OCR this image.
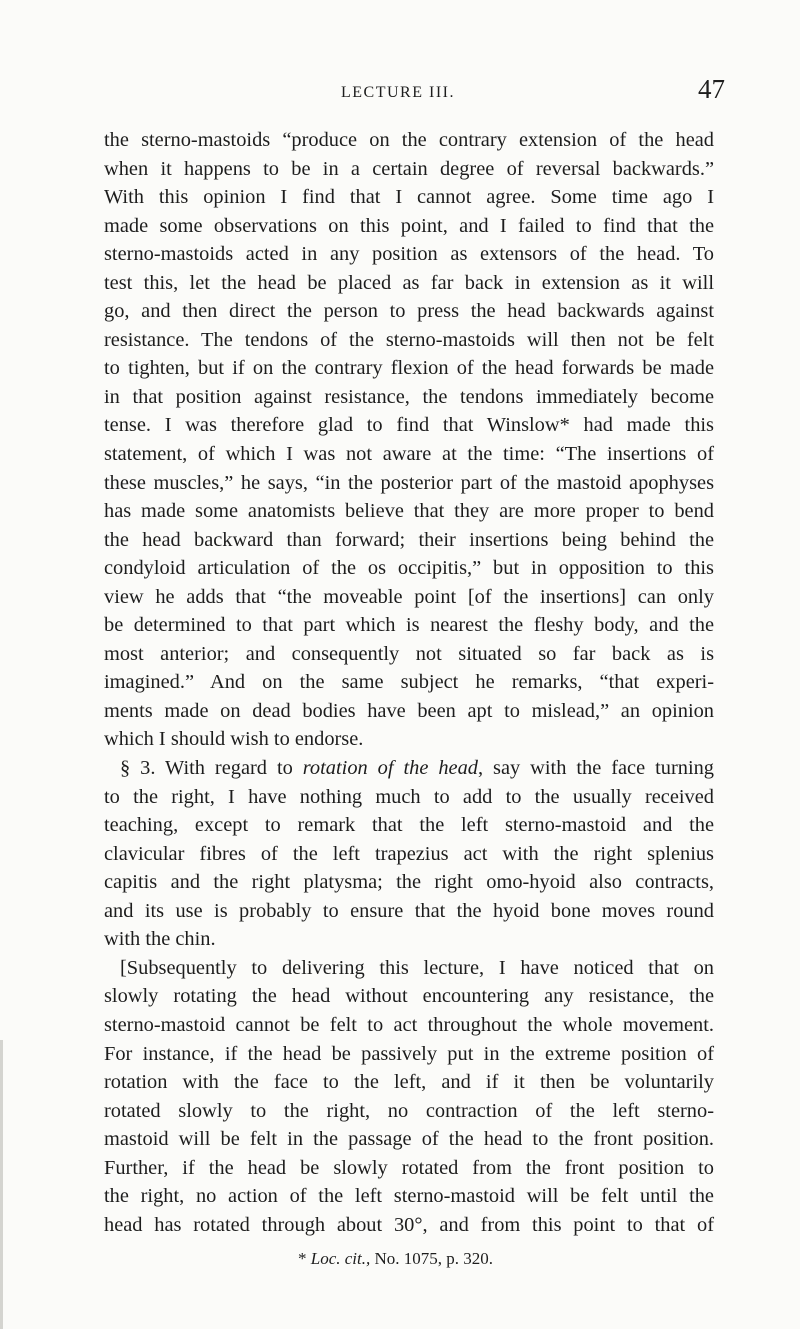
LECTURE III.	47
the sterno-mastoids “produce on the contrary extension of the head
when it happens to be in a certain degree of reversal backwards.”
With this opinion I find that I cannot agree. Some time ago I
made some observations on this point, and I failed to find that the
sterno-mastoids acted in any position as extensors of the head. To
test this, let the head be placed as far back in extension as it will
go, and then direct the person to press the head backwards against
resistance. The tendons of the sterno-mastoids will then not be felt
to tighten, but if on the contrary flexion of the head forwards be made
in that position against resistance, the tendons immediately become
tense. I was therefore glad to find that Winslow* had made this
statement, of which I was not aware at the time: “The insertions of
these muscles,” he says, “in the posterior part of the mastoid apophyses
has made some anatomists believe that they are more proper to bend
the head backward than forward; their insertions being behind the
condyloid articulation of the os occipitis,” but in opposition to this
view he adds that “the moveable point [of the insertions] can only
be determined to that part which is nearest the fleshy body, and the
most anterior; and consequently not situated so far back as is
imagined.” And on the same subject he remarks, “that experi-
ments made on dead bodies have been apt to mislead,” an opinion
which I should wish to endorse.
§ 3. With regard to rotation of the head, say with the face turning
to the right, I have nothing much to add to the usually received
teaching, except to remark that the left sterno-mastoid and the
clavicular fibres of the left trapezius act with the right splenius
capitis and the right platysma; the right omo-hyoid also contracts,
and its use is probably to ensure that the hyoid bone moves round
with the chin.
[Subsequently to delivering this lecture, I have noticed that on
slowly rotating the head without encountering any resistance, the
sterno-mastoid cannot be felt to act throughout the whole movement.
For instance, if the head be passively put in the extreme position of
rotation with the face to the left, and if it then be voluntarily
rotated slowly to the right, no contraction of the left sterno-
mastoid will be felt in the passage of the head to the front position.
Further, if the head be slowly rotated from the front position to
the right, no action of the left sterno-mastoid will be felt until the
head has rotated through about 30°, and from this point to that of
* Loc. cit., No. 1075, p. 320.
